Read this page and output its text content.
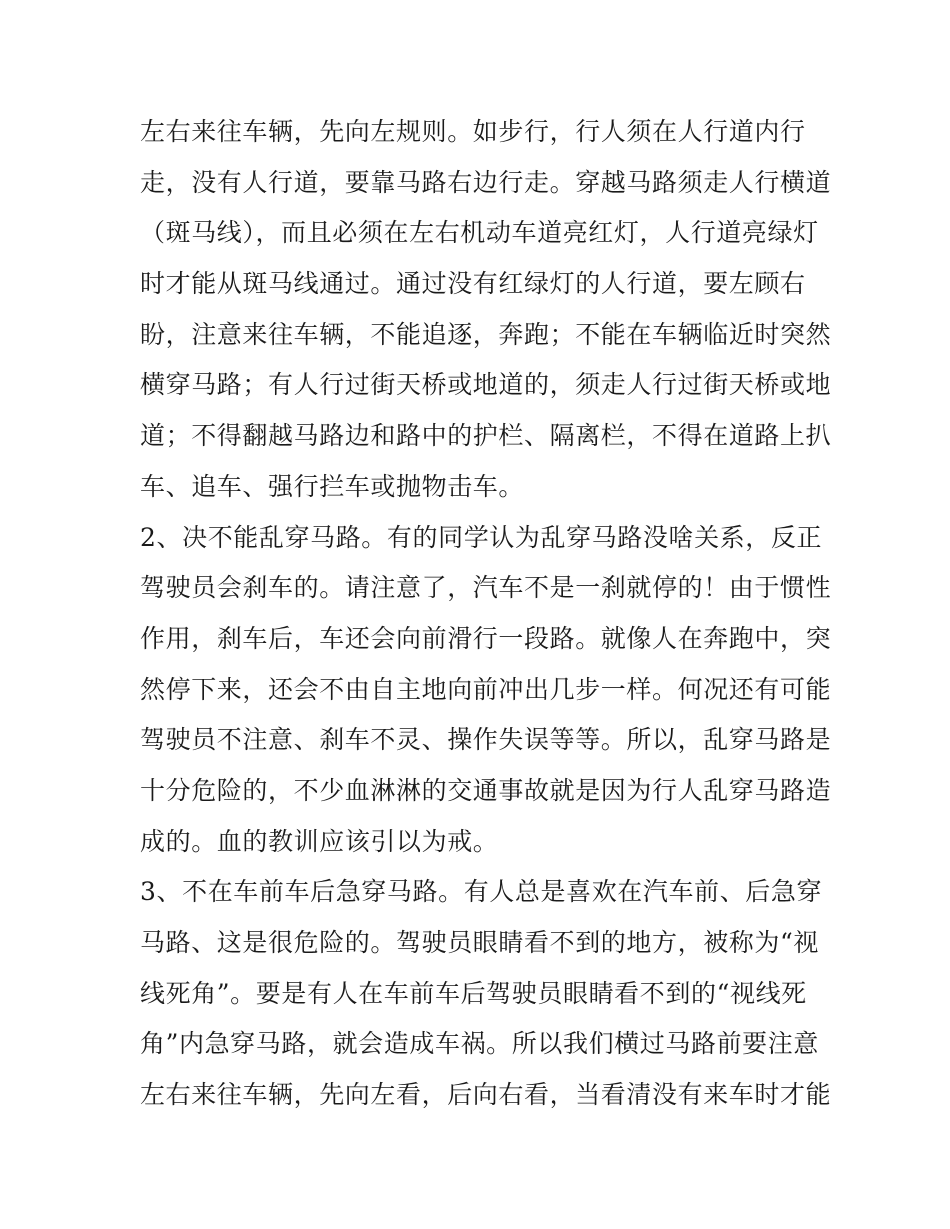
左右来往车辆，先向左规则。如步行，行人须在人行道内行
走，没有人行道，要靠马路右边行走。穿越马路须走人行横道
（斑马线），而且必须在左右机动车道亮红灯，人行道亮绿灯
时才能从斑马线通过。通过没有红绿灯的人行道，要左顾右
盼，注意来往车辆，不能追逐，奔跑；不能在车辆临近时突然
横穿马路；有人行过街天桥或地道的，须走人行过街天桥或地
道；不得翻越马路边和路中的护栏、隔离栏，不得在道路上扒
车、追车、强行拦车或抛物击车。
2、决不能乱穿马路。有的同学认为乱穿马路没啥关系，反正
驾驶员会刹车的。请注意了，汽车不是一刹就停的！由于惯性
作用，刹车后，车还会向前滑行一段路。就像人在奔跑中，突
然停下来，还会不由自主地向前冲出几步一样。何况还有可能
驾驶员不注意、刹车不灵、操作失误等等。所以，乱穿马路是
十分危险的，不少血淋淋的交通事故就是因为行人乱穿马路造
成的。血的教训应该引以为戒。
3、不在车前车后急穿马路。有人总是喜欢在汽车前、后急穿
马路、这是很危险的。驾驶员眼睛看不到的地方，被称为“视
线死角”。要是有人在车前车后驾驶员眼睛看不到的“视线死
角”内急穿马路，就会造成车祸。所以我们横过马路前要注意
左右来往车辆，先向左看，后向右看，当看清没有来车时才能
